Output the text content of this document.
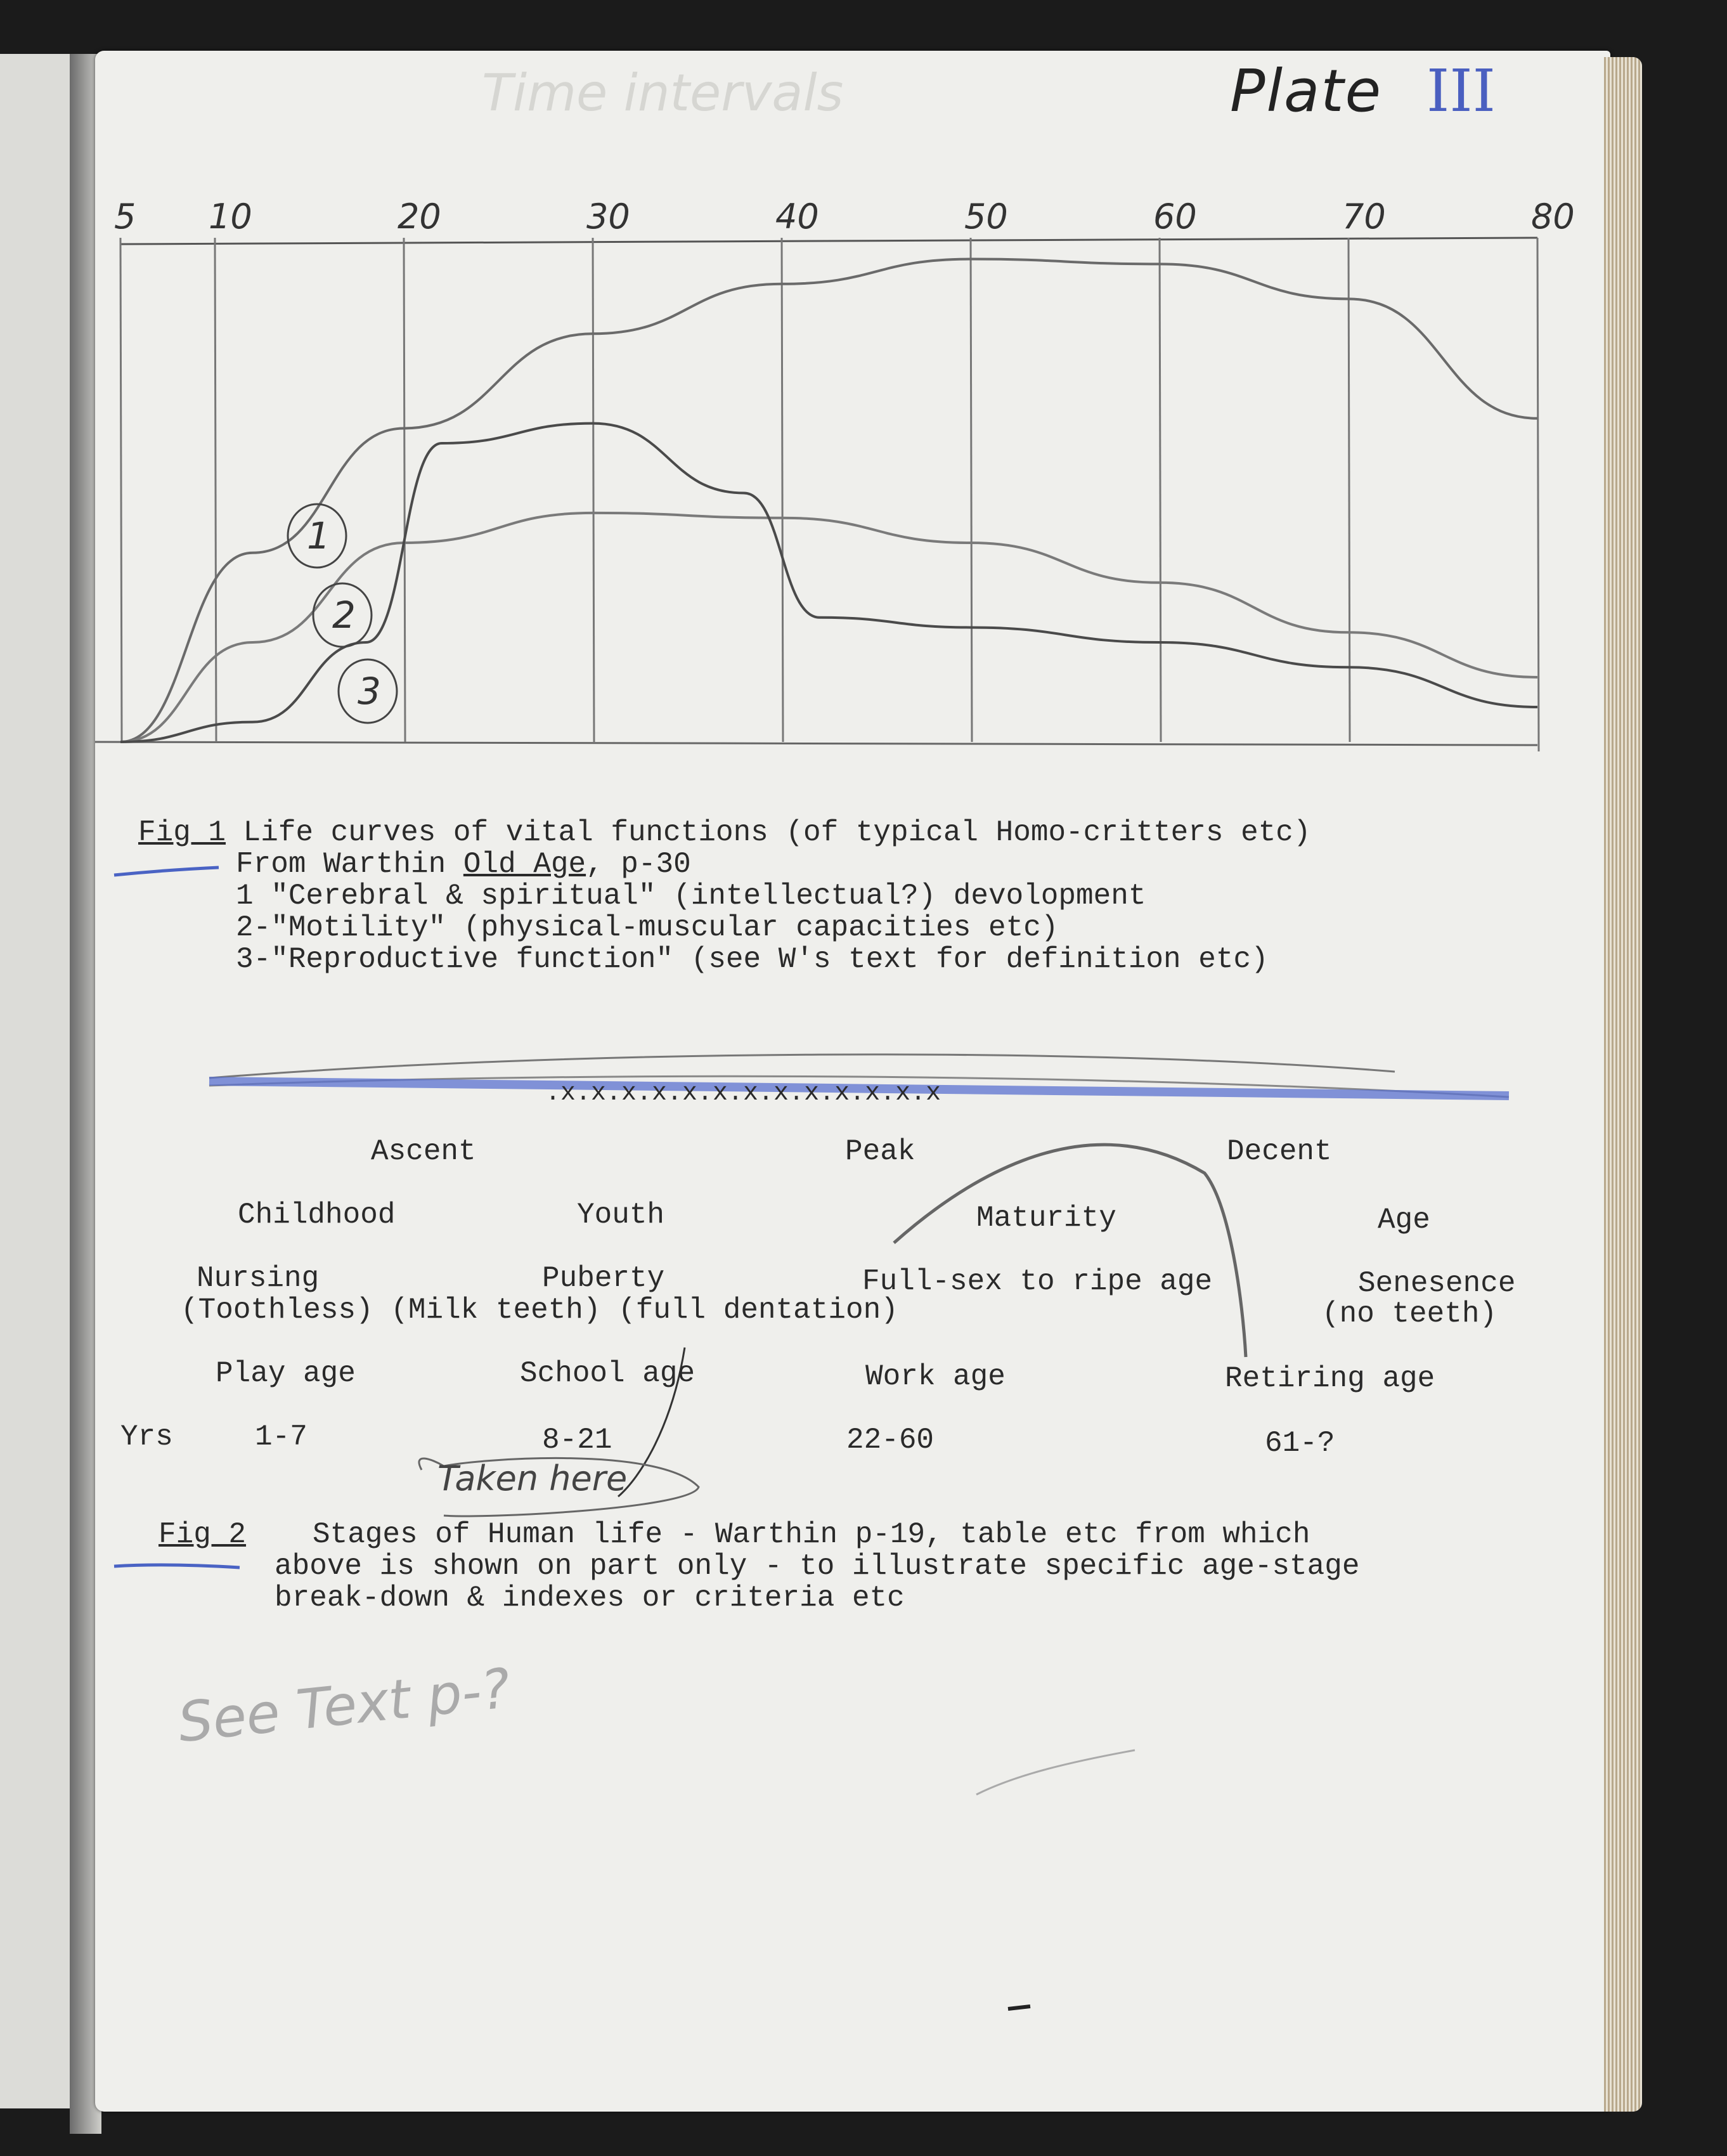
Time intervals	Plate III
5 10	20	30	40	50	60	70	80
1
2
3
Fig 1 Life curves of vital functions (of typical Homo-critters etc)
From Warthin Old Age, p-30
1 "Cerebral & spiritual" (intellectual?) devolopment
2-"Motility" (physical-muscular capacities etc)
3-"Reproductive function" (see W's text for definition etc)
.x.x.x.x.x.x.x.x.x.x.x.x.x
Ascent	Peak	Decent
Childhood	Youth	Maturity	Age
Nursing	Puberty	Full-sex to ripe age	Senesence
(Toothless) (Milk teeth) (full dentation)	(no teeth)
Play age	School age	Work age	Retiring age
Yrs	1-7	8-21	22-60	61-?
Taken here
Fig 2 Stages of Human life - Warthin p-19, table etc from which
above is shown on part only - to illustrate specific age-stage
break-down & indexes or criteria etc
See Text p-?
